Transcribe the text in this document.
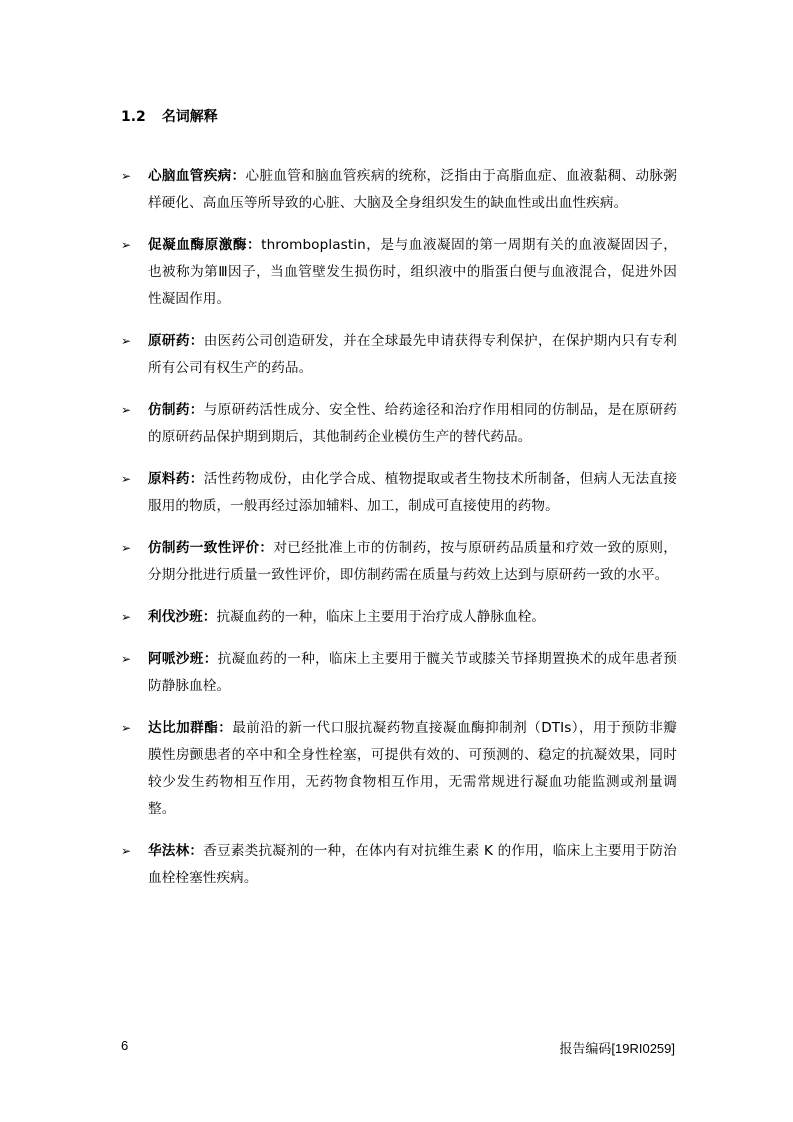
1.2 名词解释
➢ 心脑血管疾病：心脏血管和脑血管疾病的统称，泛指由于高脂血症、血液黏稠、动脉粥样硬化、高血压等所导致的心脏、大脑及全身组织发生的缺血性或出血性疾病。
➢ 促凝血酶原激酶：thromboplastin，是与血液凝固的第一周期有关的血液凝固因子，也被称为第Ⅲ因子，当血管壁发生损伤时，组织液中的脂蛋白便与血液混合，促进外因性凝固作用。
➢ 原研药：由医药公司创造研发，并在全球最先申请获得专利保护，在保护期内只有专利所有公司有权生产的药品。
➢ 仿制药：与原研药活性成分、安全性、给药途径和治疗作用相同的仿制品，是在原研药的原研药品保护期到期后，其他制药企业模仿生产的替代药品。
➢ 原料药：活性药物成份，由化学合成、植物提取或者生物技术所制备，但病人无法直接服用的物质，一般再经过添加辅料、加工，制成可直接使用的药物。
➢ 仿制药一致性评价：对已经批准上市的仿制药，按与原研药品质量和疗效一致的原则，分期分批进行质量一致性评价，即仿制药需在质量与药效上达到与原研药一致的水平。
➢ 利伐沙班：抗凝血药的一种，临床上主要用于治疗成人静脉血栓。
➢ 阿哌沙班：抗凝血药的一种，临床上主要用于髋关节或膝关节择期置换术的成年患者预防静脉血栓。
➢ 达比加群酯：最前沿的新一代口服抗凝药物直接凝血酶抑制剂（DTIs），用于预防非瓣膜性房颤患者的卒中和全身性栓塞，可提供有效的、可预测的、稳定的抗凝效果，同时较少发生药物相互作用，无药物食物相互作用，无需常规进行凝血功能监测或剂量调整。
➢ 华法林：香豆素类抗凝剂的一种，在体内有对抗维生素 K 的作用，临床上主要用于防治血栓栓塞性疾病。
6	报告编码[19RI0259]
